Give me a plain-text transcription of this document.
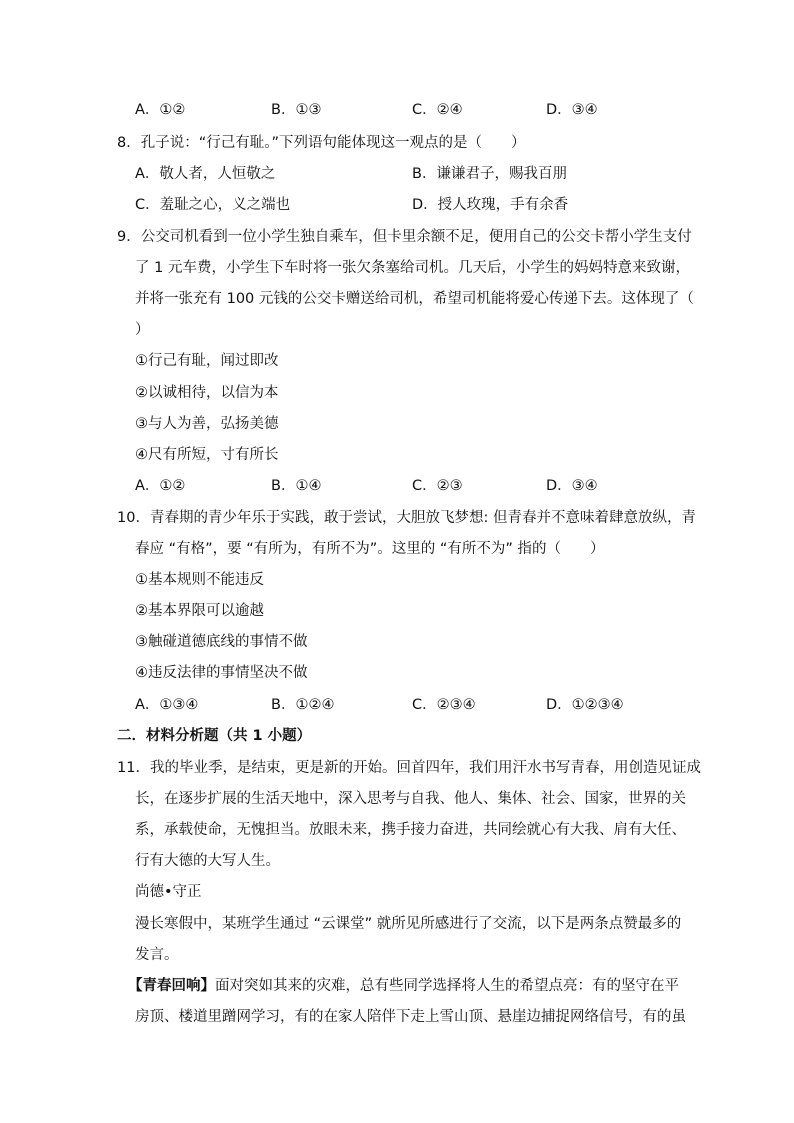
A．①②	B．①③	C．②④	D．③④
8．孔子说：“行己有耻。”下列语句能体现这一观点的是（　　）
A．敬人者，人恒敬之	B．谦谦君子，赐我百朋
C．羞耻之心，义之端也	D．授人玫瑰，手有余香
9．公交司机看到一位小学生独自乘车，但卡里余额不足，便用自己的公交卡帮小学生支付
了 1 元车费，小学生下车时将一张欠条塞给司机。几天后，小学生的妈妈特意来致谢，
并将一张充有 100 元钱的公交卡赠送给司机，希望司机能将爱心传递下去。这体现了（
）
①行己有耻，闻过即改
②以诚相待，以信为本
③与人为善，弘扬美德
④尺有所短，寸有所长
A．①②	B．①④	C．②③	D．③④
10．青春期的青少年乐于实践，敢于尝试，大胆放飞梦想: 但青春并不意味着肆意放纵，青
春应 “有格”，要 “有所为，有所不为”。这里的 “有所不为” 指的（　　）
①基本规则不能违反
②基本界限可以逾越
③触碰道德底线的事情不做
④违反法律的事情坚决不做
A．①③④	B．①②④	C．②③④	D．①②③④
二．材料分析题（共 1 小题）
11．我的毕业季，是结束，更是新的开始。回首四年，我们用汗水书写青春，用创造见证成
长，在逐步扩展的生活天地中，深入思考与自我、他人、集体、社会、国家，世界的关
系，承载使命，无愧担当。放眼未来，携手接力奋进，共同绘就心有大我、肩有大任、
行有大德的大写人生。
尚德•守正
漫长寒假中，某班学生通过 “云课堂” 就所见所感进行了交流，以下是两条点赞最多的
发言。
【青春回响】面对突如其来的灾难，总有些同学选择将人生的希望点亮：有的坚守在平
房顶、楼道里蹭网学习，有的在家人陪伴下走上雪山顶、悬崖边捕捉网络信号，有的虽
